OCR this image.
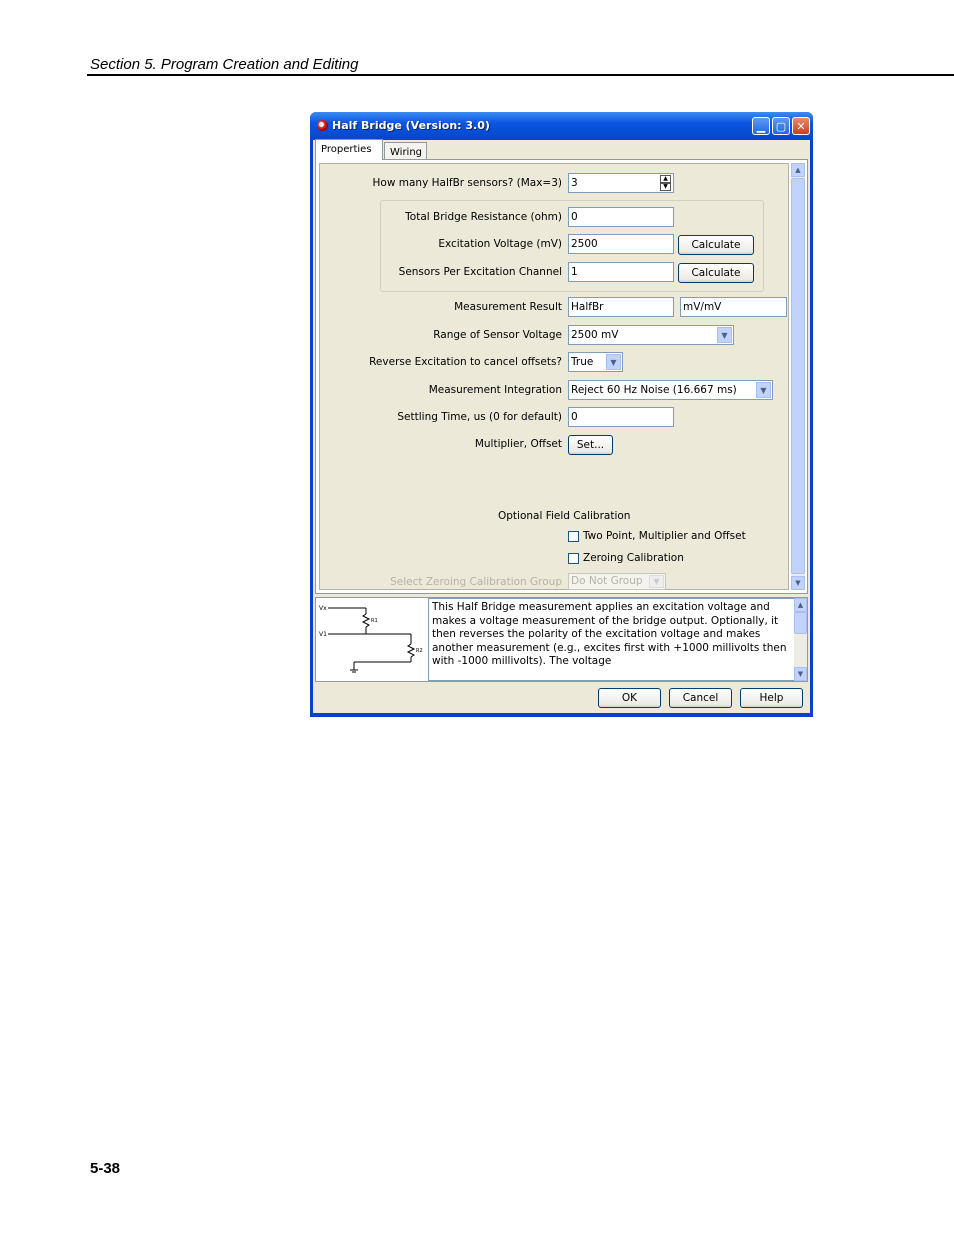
Section 5. Program Creation and Editing
Half Bridge (Version: 3.0)	▁ ▢ ✕
Properties	Wiring
How many HalfBr sensors? (Max=3) 3	▲
▼
Total Bridge Resistance (ohm) 0
Excitation Voltage (mV) 2500	Calculate
Sensors Per Excitation Channel 1	Calculate
Measurement Result HalfBr	mV/mV
Range of Sensor Voltage 2500 mV	▼
Reverse Excitation to cancel offsets? True	▼
Measurement Integration Reject 60 Hz Noise (16.667 ms)	▼
Settling Time, us (0 for default) 0
Multiplier, Offset	Set...
Optional Field Calibration
Two Point, Multiplier and Offset
Zeroing Calibration
Select Zeroing Calibration Group Do Not Group	▼
▲
▼
Vx
V1
R1
R2
This Half Bridge measurement applies an excitation voltage and makes a voltage measurement of the bridge output. Optionally, it then reverses the polarity of the excitation voltage and makes another measurement (e.g., excites first with +1000 millivolts then with -1000 millivolts). The voltage
▲
▼
OK	Cancel	Help
5-38
